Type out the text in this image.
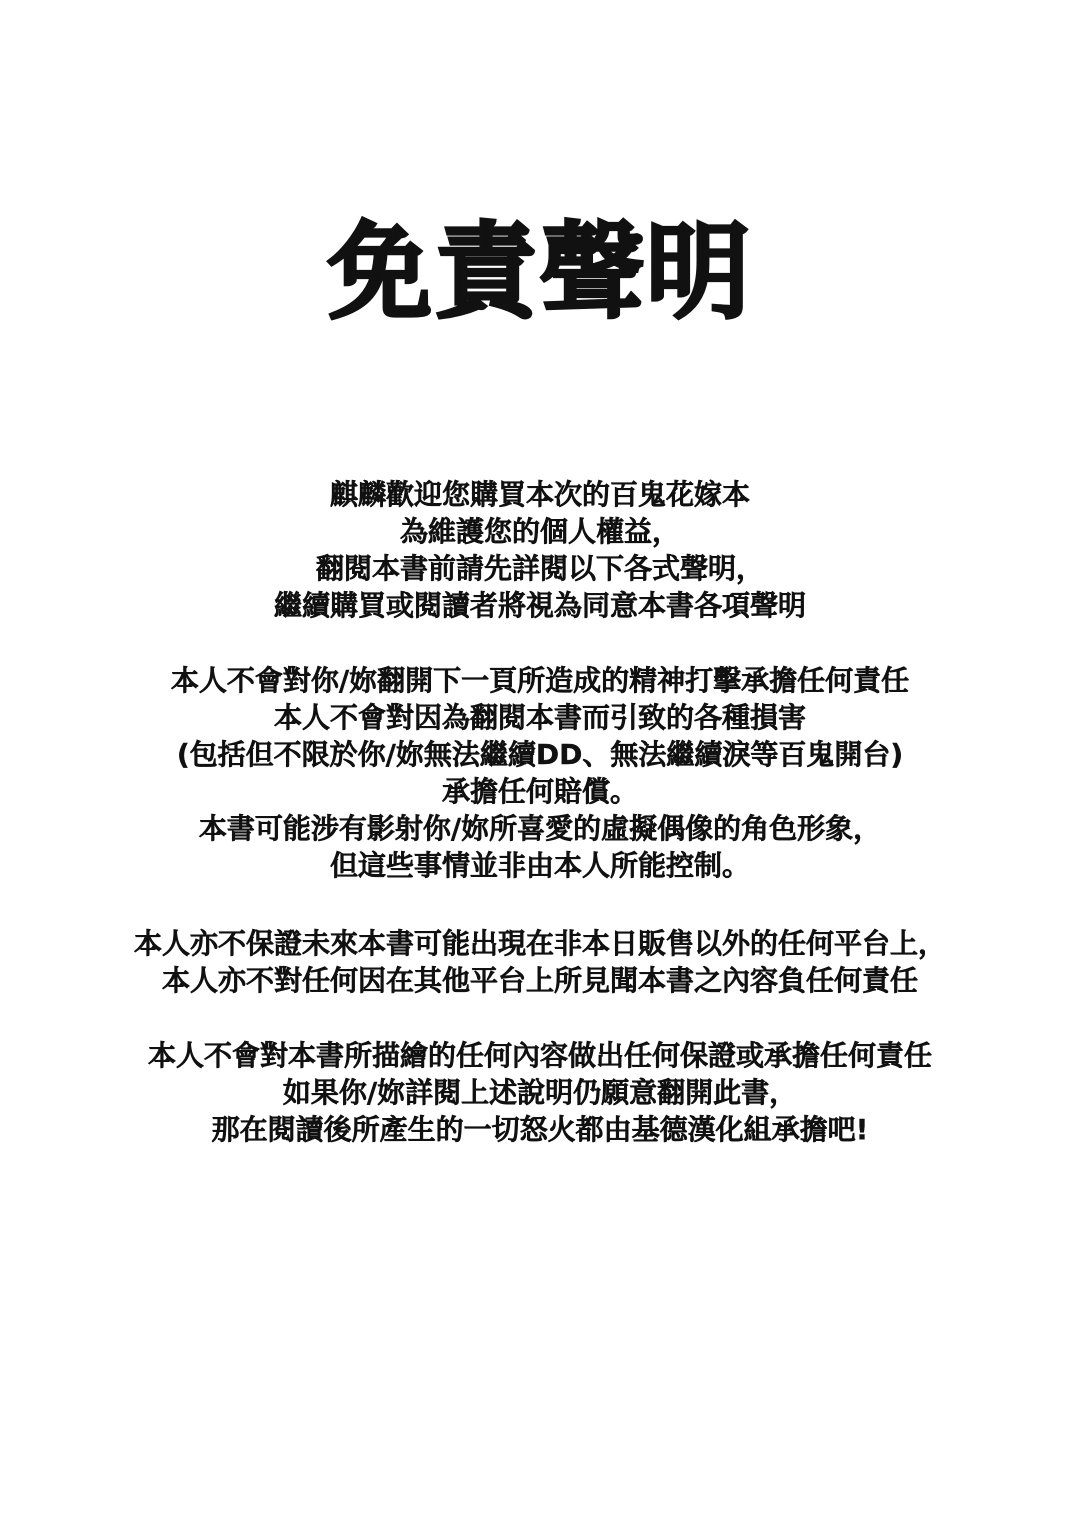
免責聲明
麒麟歡迎您購買本次的百鬼花嫁本
為維護您的個人權益，
翻閱本書前請先詳閱以下各式聲明，
繼續購買或閱讀者將視為同意本書各項聲明
本人不會對你/妳翻開下一頁所造成的精神打擊承擔任何責任
本人不會對因為翻閱本書而引致的各種損害
(包括但不限於你/妳無法繼續DD、無法繼續淚等百鬼開台)
承擔任何賠償。
本書可能涉有影射你/妳所喜愛的虛擬偶像的角色形象，
但這些事情並非由本人所能控制。
本人亦不保證未來本書可能出現在非本日販售以外的任何平台上，
本人亦不對任何因在其他平台上所見聞本書之內容負任何責任
本人不會對本書所描繪的任何內容做出任何保證或承擔任何責任
如果你/妳詳閱上述說明仍願意翻開此書，
那在閱讀後所產生的一切怒火都由基德漢化組承擔吧!
